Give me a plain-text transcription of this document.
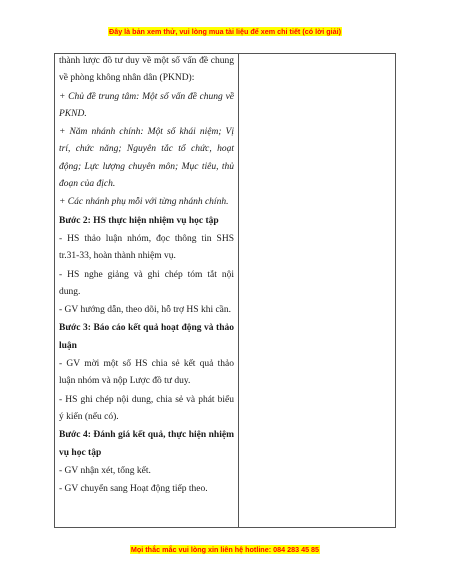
Đây là bản xem thử, vui lòng mua tài liệu để xem chi tiết (có lời giải)

thành lược đồ tư duy về một số vấn đề chung về phòng không nhân dân (PKND):

+ Chủ đề trung tâm: Một số vấn đề chung về PKND.

+ Năm nhánh chính: Một số khái niệm; Vị trí, chức năng; Nguyên tắc tổ chức, hoạt động; Lực lượng chuyên môn; Mục tiêu, thủ đoạn của địch.

+ Các nhánh phụ mỗi với từng nhánh chính.

Bước 2: HS thực hiện nhiệm vụ học tập

- HS thảo luận nhóm, đọc thông tin SHS tr.31-33, hoàn thành nhiệm vụ.

- HS nghe giảng và ghi chép tóm tắt nội dung.

- GV hướng dẫn, theo dõi, hỗ trợ HS khi cần.

Bước 3: Báo cáo kết quả hoạt động và thảo luận

- GV mời một số HS chia sẻ kết quả thảo luận nhóm và nộp Lược đồ tư duy.

- HS ghi chép nội dung, chia sẻ và phát biểu ý kiến (nếu có).

Bước 4: Đánh giá kết quả, thực hiện nhiệm vụ học tập

- GV nhận xét, tổng kết.

- GV chuyển sang Hoạt động tiếp theo.

Mọi thắc mắc vui lòng xin liên hệ hotline: 084 283 45 85
